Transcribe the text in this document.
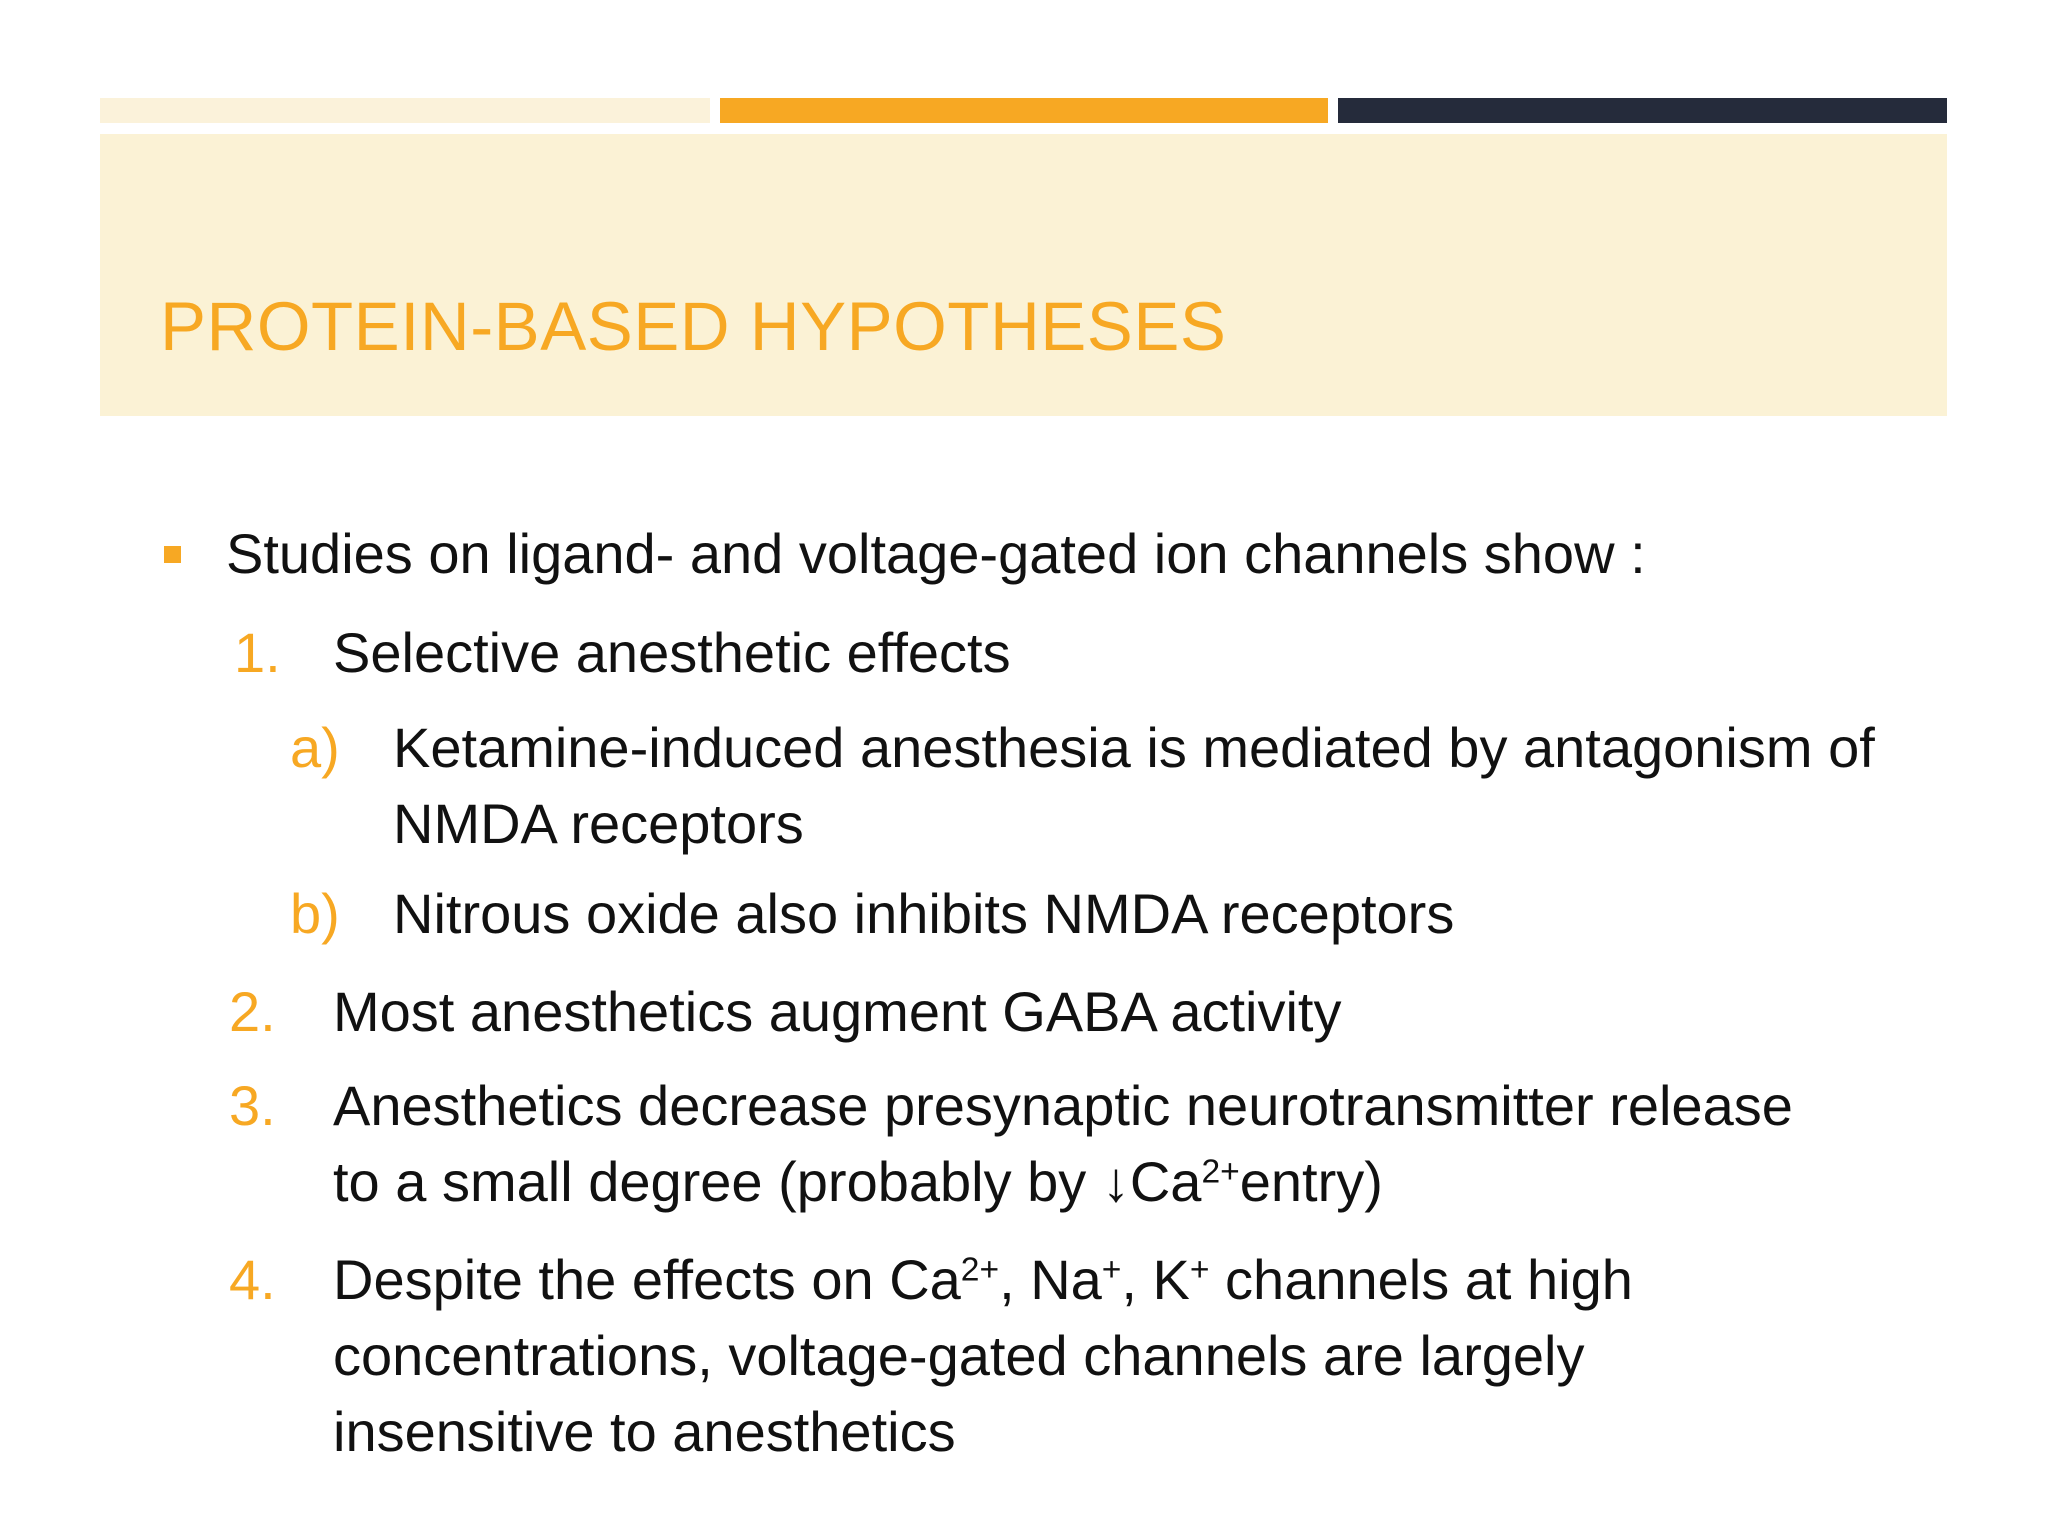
PROTEIN-BASED HYPOTHESES
Studies on ligand- and voltage-gated ion channels show :
1. Selective anesthetic effects
a) Ketamine-induced anesthesia is mediated by antagonism of
NMDA receptors
b) Nitrous oxide also inhibits NMDA receptors
2. Most anesthetics augment GABA activity
3. Anesthetics decrease presynaptic neurotransmitter release
to a small degree (probably by $↓Ca^{2+}entry$)
4. Despite the effects on $Ca^{2+}$, Na+, K+ channels at high
concentrations, voltage-gated channels are largely
insensitive to anesthetics
